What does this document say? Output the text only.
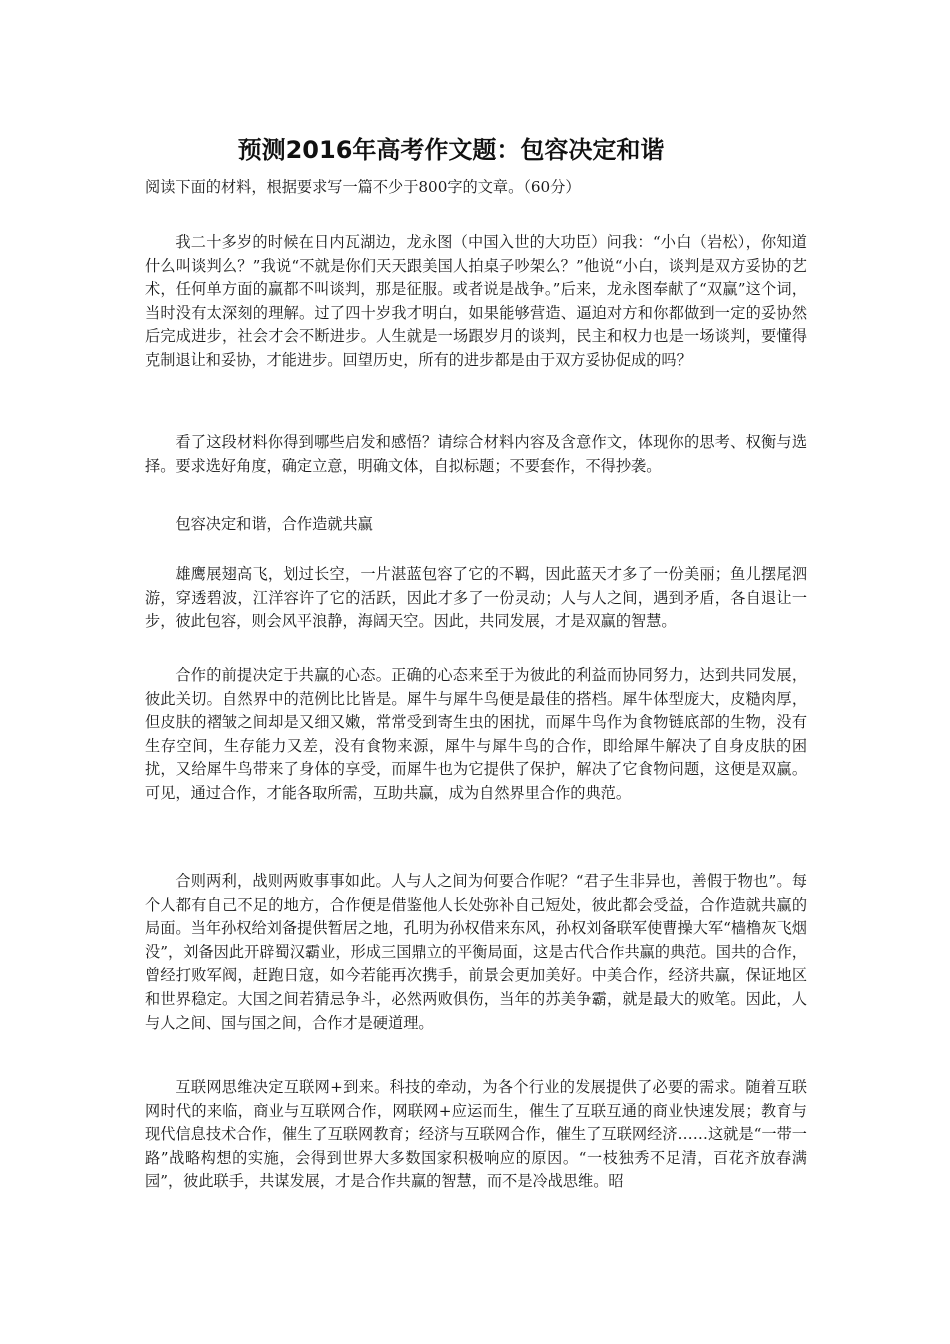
预测2016年高考作文题：包容决定和谐
阅读下面的材料，根据要求写一篇不少于800字的文章。（60分）

我二十多岁的时候在日内瓦湖边，龙永图（中国入世的大功臣）问我：“小白（岩松），你知道什么叫谈判么？”我说“不就是你们天天跟美国人拍桌子吵架么？”他说“小白，谈判是双方妥协的艺术，任何单方面的赢都不叫谈判，那是征服。或者说是战争。”后来，龙永图奉献了“双赢”这个词，当时没有太深刻的理解。过了四十岁我才明白，如果能够营造、逼迫对方和你都做到一定的妥协然后完成进步，社会才会不断进步。人生就是一场跟岁月的谈判，民主和权力也是一场谈判，要懂得克制退让和妥协，才能进步。回望历史，所有的进步都是由于双方妥协促成的吗？

看了这段材料你得到哪些启发和感悟？请综合材料内容及含意作文，体现你的思考、权衡与选择。要求选好角度，确定立意，明确文体，自拟标题；不要套作，不得抄袭。

包容决定和谐，合作造就共赢

雄鹰展翅高飞，划过长空，一片湛蓝包容了它的不羁，因此蓝天才多了一份美丽；鱼儿摆尾泗游，穿透碧波，江洋容许了它的活跃，因此才多了一份灵动；人与人之间，遇到矛盾，各自退让一步，彼此包容，则会风平浪静，海阔天空。因此，共同发展，才是双赢的智慧。

合作的前提决定于共赢的心态。正确的心态来至于为彼此的利益而协同努力，达到共同发展，彼此关切。自然界中的范例比比皆是。犀牛与犀牛鸟便是最佳的搭档。犀牛体型庞大，皮糙肉厚，但皮肤的褶皱之间却是又细又嫩，常常受到寄生虫的困扰，而犀牛鸟作为食物链底部的生物，没有生存空间，生存能力又差，没有食物来源，犀牛与犀牛鸟的合作，即给犀牛解决了自身皮肤的困扰，又给犀牛鸟带来了身体的享受，而犀牛也为它提供了保护，解决了它食物问题，这便是双赢。可见，通过合作，才能各取所需，互助共赢，成为自然界里合作的典范。

合则两利，战则两败事事如此。人与人之间为何要合作呢？“君子生非异也，善假于物也”。每个人都有自己不足的地方，合作便是借鉴他人长处弥补自己短处，彼此都会受益，合作造就共赢的局面。当年孙权给刘备提供暂居之地，孔明为孙权借来东风，孙权刘备联军使曹操大军“樯橹灰飞烟没”，刘备因此开辟蜀汉霸业，形成三国鼎立的平衡局面，这是古代合作共赢的典范。国共的合作，曾经打败军阀，赶跑日寇，如今若能再次携手，前景会更加美好。中美合作，经济共赢，保证地区和世界稳定。大国之间若猜忌争斗，必然两败俱伤，当年的苏美争霸，就是最大的败笔。因此，人与人之间、国与国之间，合作才是硬道理。

互联网思维决定互联网+到来。科技的牵动，为各个行业的发展提供了必要的需求。随着互联网时代的来临，商业与互联网合作，网联网+应运而生，催生了互联互通的商业快速发展；教育与现代信息技术合作，催生了互联网教育；经济与互联网合作，催生了互联网经济……这就是“一带一路”战略构想的实施，会得到世界大多数国家积极响应的原因。“一枝独秀不足清，百花齐放春满园”，彼此联手，共谋发展，才是合作共赢的智慧，而不是冷战思维。昭
